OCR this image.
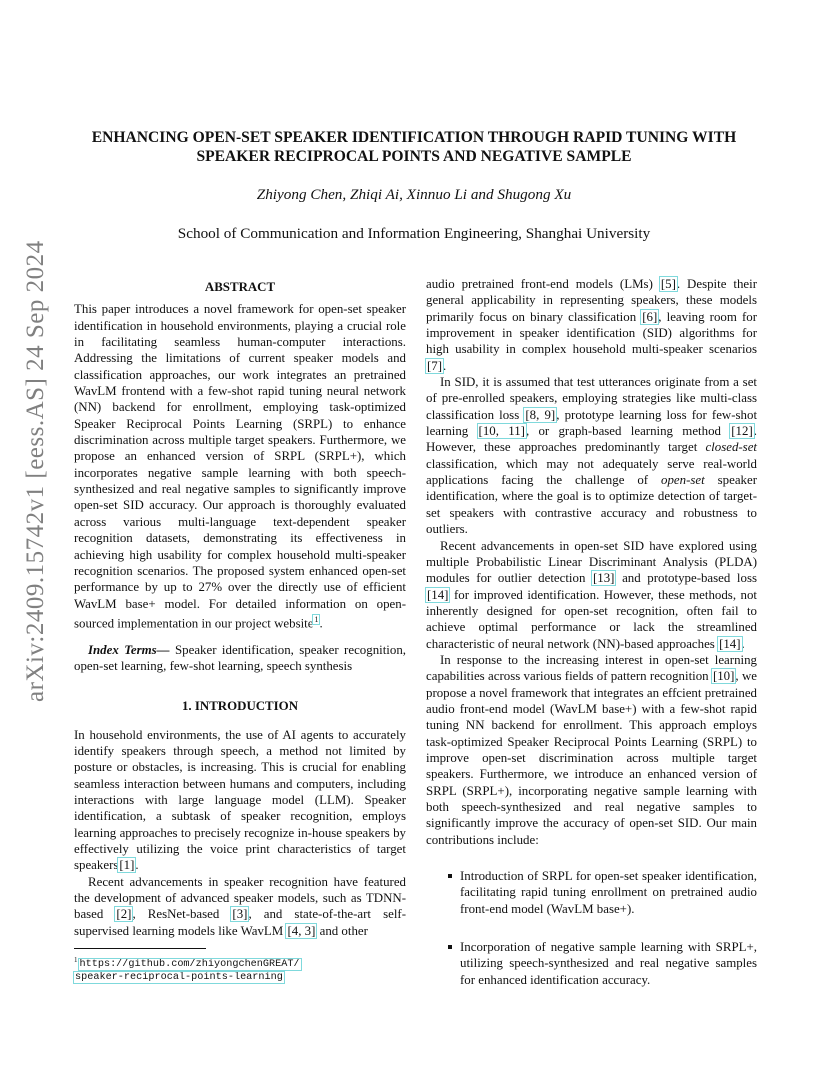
arXiv:2409.15742v1 [eess.AS] 24 Sep 2024
ENHANCING OPEN-SET SPEAKER IDENTIFICATION THROUGH RAPID TUNING WITH
SPEAKER RECIPROCAL POINTS AND NEGATIVE SAMPLE
Zhiyong Chen, Zhiqi Ai, Xinnuo Li and Shugong Xu
School of Communication and Information Engineering, Shanghai University
ABSTRACT

This paper introduces a novel framework for open-set speaker identification in household environments, playing a crucial role in facilitating seamless human-computer interactions. Addressing the limitations of current speaker models and classification approaches, our work integrates an pretrained WavLM frontend with a few-shot rapid tuning neural network (NN) backend for enrollment, employing task-optimized Speaker Reciprocal Points Learning (SRPL) to enhance discrimination across multiple target speakers. Furthermore, we propose an enhanced version of SRPL (SRPL+), which incorporates negative sample learning with both speech-synthesized and real negative samples to significantly improve open-set SID accuracy. Our approach is thoroughly evaluated across various multi-language text-dependent speaker recognition datasets, demonstrating its effectiveness in achieving high usability for complex household multi-speaker recognition scenarios. The proposed system enhanced open-set performance by up to 27% over the directly use of efficient WavLM base+ model. For detailed information on open-sourced implementation in our project website$^1$.

Index Terms— Speaker identification, speaker recognition, open-set learning, few-shot learning, speech synthesis

1. INTRODUCTION

In household environments, the use of AI agents to accurately identify speakers through speech, a method not limited by posture or obstacles, is increasing. This is crucial for enabling seamless interaction between humans and computers, including interactions with large language model (LLM). Speaker identification, a subtask of speaker recognition, employs learning approaches to precisely recognize in-house speakers by effectively utilizing the voice print characteristics of target speakers[1].

Recent advancements in speaker recognition have featured the development of advanced speaker models, such as TDNN-based [2], ResNet-based [3], and state-of-the-art self-supervised learning models like WavLM [4, 3] and other

$^1$ https://github.com/zhiyongchenGREAT/
speaker-reciprocal-points-learning

audio pretrained front-end models (LMs) [5]. Despite their general applicability in representing speakers, these models primarily focus on binary classification [6], leaving room for improvement in speaker identification (SID) algorithms for high usability in complex household multi-speaker scenarios [7].

In SID, it is assumed that test utterances originate from a set of pre-enrolled speakers, employing strategies like multi-class classification loss [8, 9], prototype learning loss for few-shot learning [10, 11], or graph-based learning method [12]. However, these approaches predominantly target closed-set classification, which may not adequately serve real-world applications facing the challenge of open-set speaker identification, where the goal is to optimize detection of target-set speakers with contrastive accuracy and robustness to outliers.

Recent advancements in open-set SID have explored using multiple Probabilistic Linear Discriminant Analysis (PLDA) modules for outlier detection [13] and prototype-based loss [14] for improved identification. However, these methods, not inherently designed for open-set recognition, often fail to achieve optimal performance or lack the streamlined characteristic of neural network (NN)-based approaches [14].

In response to the increasing interest in open-set learning capabilities across various fields of pattern recognition [10], we propose a novel framework that integrates an effcient pretrained audio front-end model (WavLM base+) with a few-shot rapid tuning NN backend for enrollment. This approach employs task-optimized Speaker Reciprocal Points Learning (SRPL) to improve open-set discrimination across multiple target speakers. Furthermore, we introduce an enhanced version of SRPL (SRPL+), incorporating negative sample learning with both speech-synthesized and real negative samples to significantly improve the accuracy of open-set SID. Our main contributions include:

Introduction of SRPL for open-set speaker identification, facilitating rapid tuning enrollment on pretrained audio front-end model (WavLM base+).
Incorporation of negative sample learning with SRPL+, utilizing speech-synthesized and real negative samples for enhanced identification accuracy.
